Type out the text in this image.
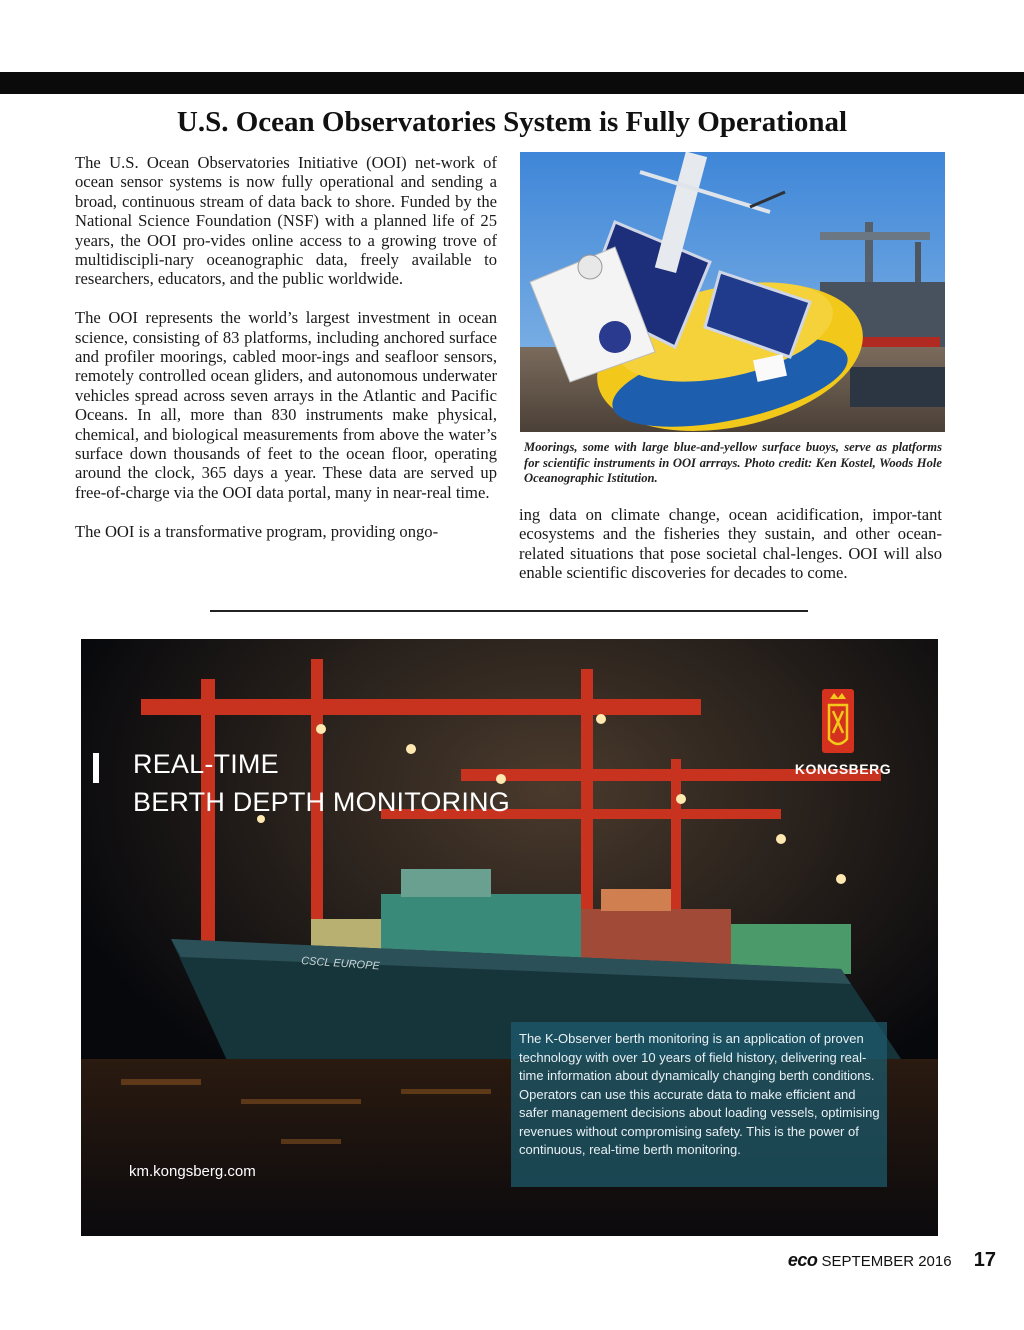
U.S. Ocean Observatories System is Fully Operational

The U.S. Ocean Observatories Initiative (OOI) net-work of ocean sensor systems is now fully operational and sending a broad, continuous stream of data back to shore. Funded by the National Science Foundation (NSF) with a planned life of 25 years, the OOI pro-vides online access to a growing trove of multidiscipli-nary oceanographic data, freely available to researchers, educators, and the public worldwide.

The OOI represents the world’s largest investment in ocean science, consisting of 83 platforms, including anchored surface and profiler moorings, cabled moor-ings and seafloor sensors, remotely controlled ocean gliders, and autonomous underwater vehicles spread across seven arrays in the Atlantic and Pacific Oceans. In all, more than 830 instruments make physical, chemical, and biological measurements from above the water’s surface down thousands of feet to the ocean floor, operating around the clock, 365 days a year. These data are served up free-of-charge via the OOI data portal, many in near-real time.

The OOI is a transformative program, providing ongo-

Moorings, some with large blue-and-yellow surface buoys, serve as platforms for scientific instruments in OOI arrrays. Photo credit: Ken Kostel, Woods Hole Oceanographic Istitution.

ing data on climate change, ocean acidification, impor-tant ecosystems and the fisheries they sustain, and other ocean-related situations that pose societal chal-lenges. OOI will also enable scientific discoveries for decades to come.

CSCL EUROPE
REAL-TIME
BERTH DEPTH MONITORING
KONGSBERG
The K-Observer berth monitoring is an application of proven technology with over 10 years of field history, delivering real-time information about dynamically changing berth conditions. Operators can use this accurate data to make efficient and safer management decisions about loading vessels, optimising revenues without compromising safety. This is the power of continuous, real-time berth monitoring.
km.kongsberg.com
eco SEPTEMBER 2016 17
